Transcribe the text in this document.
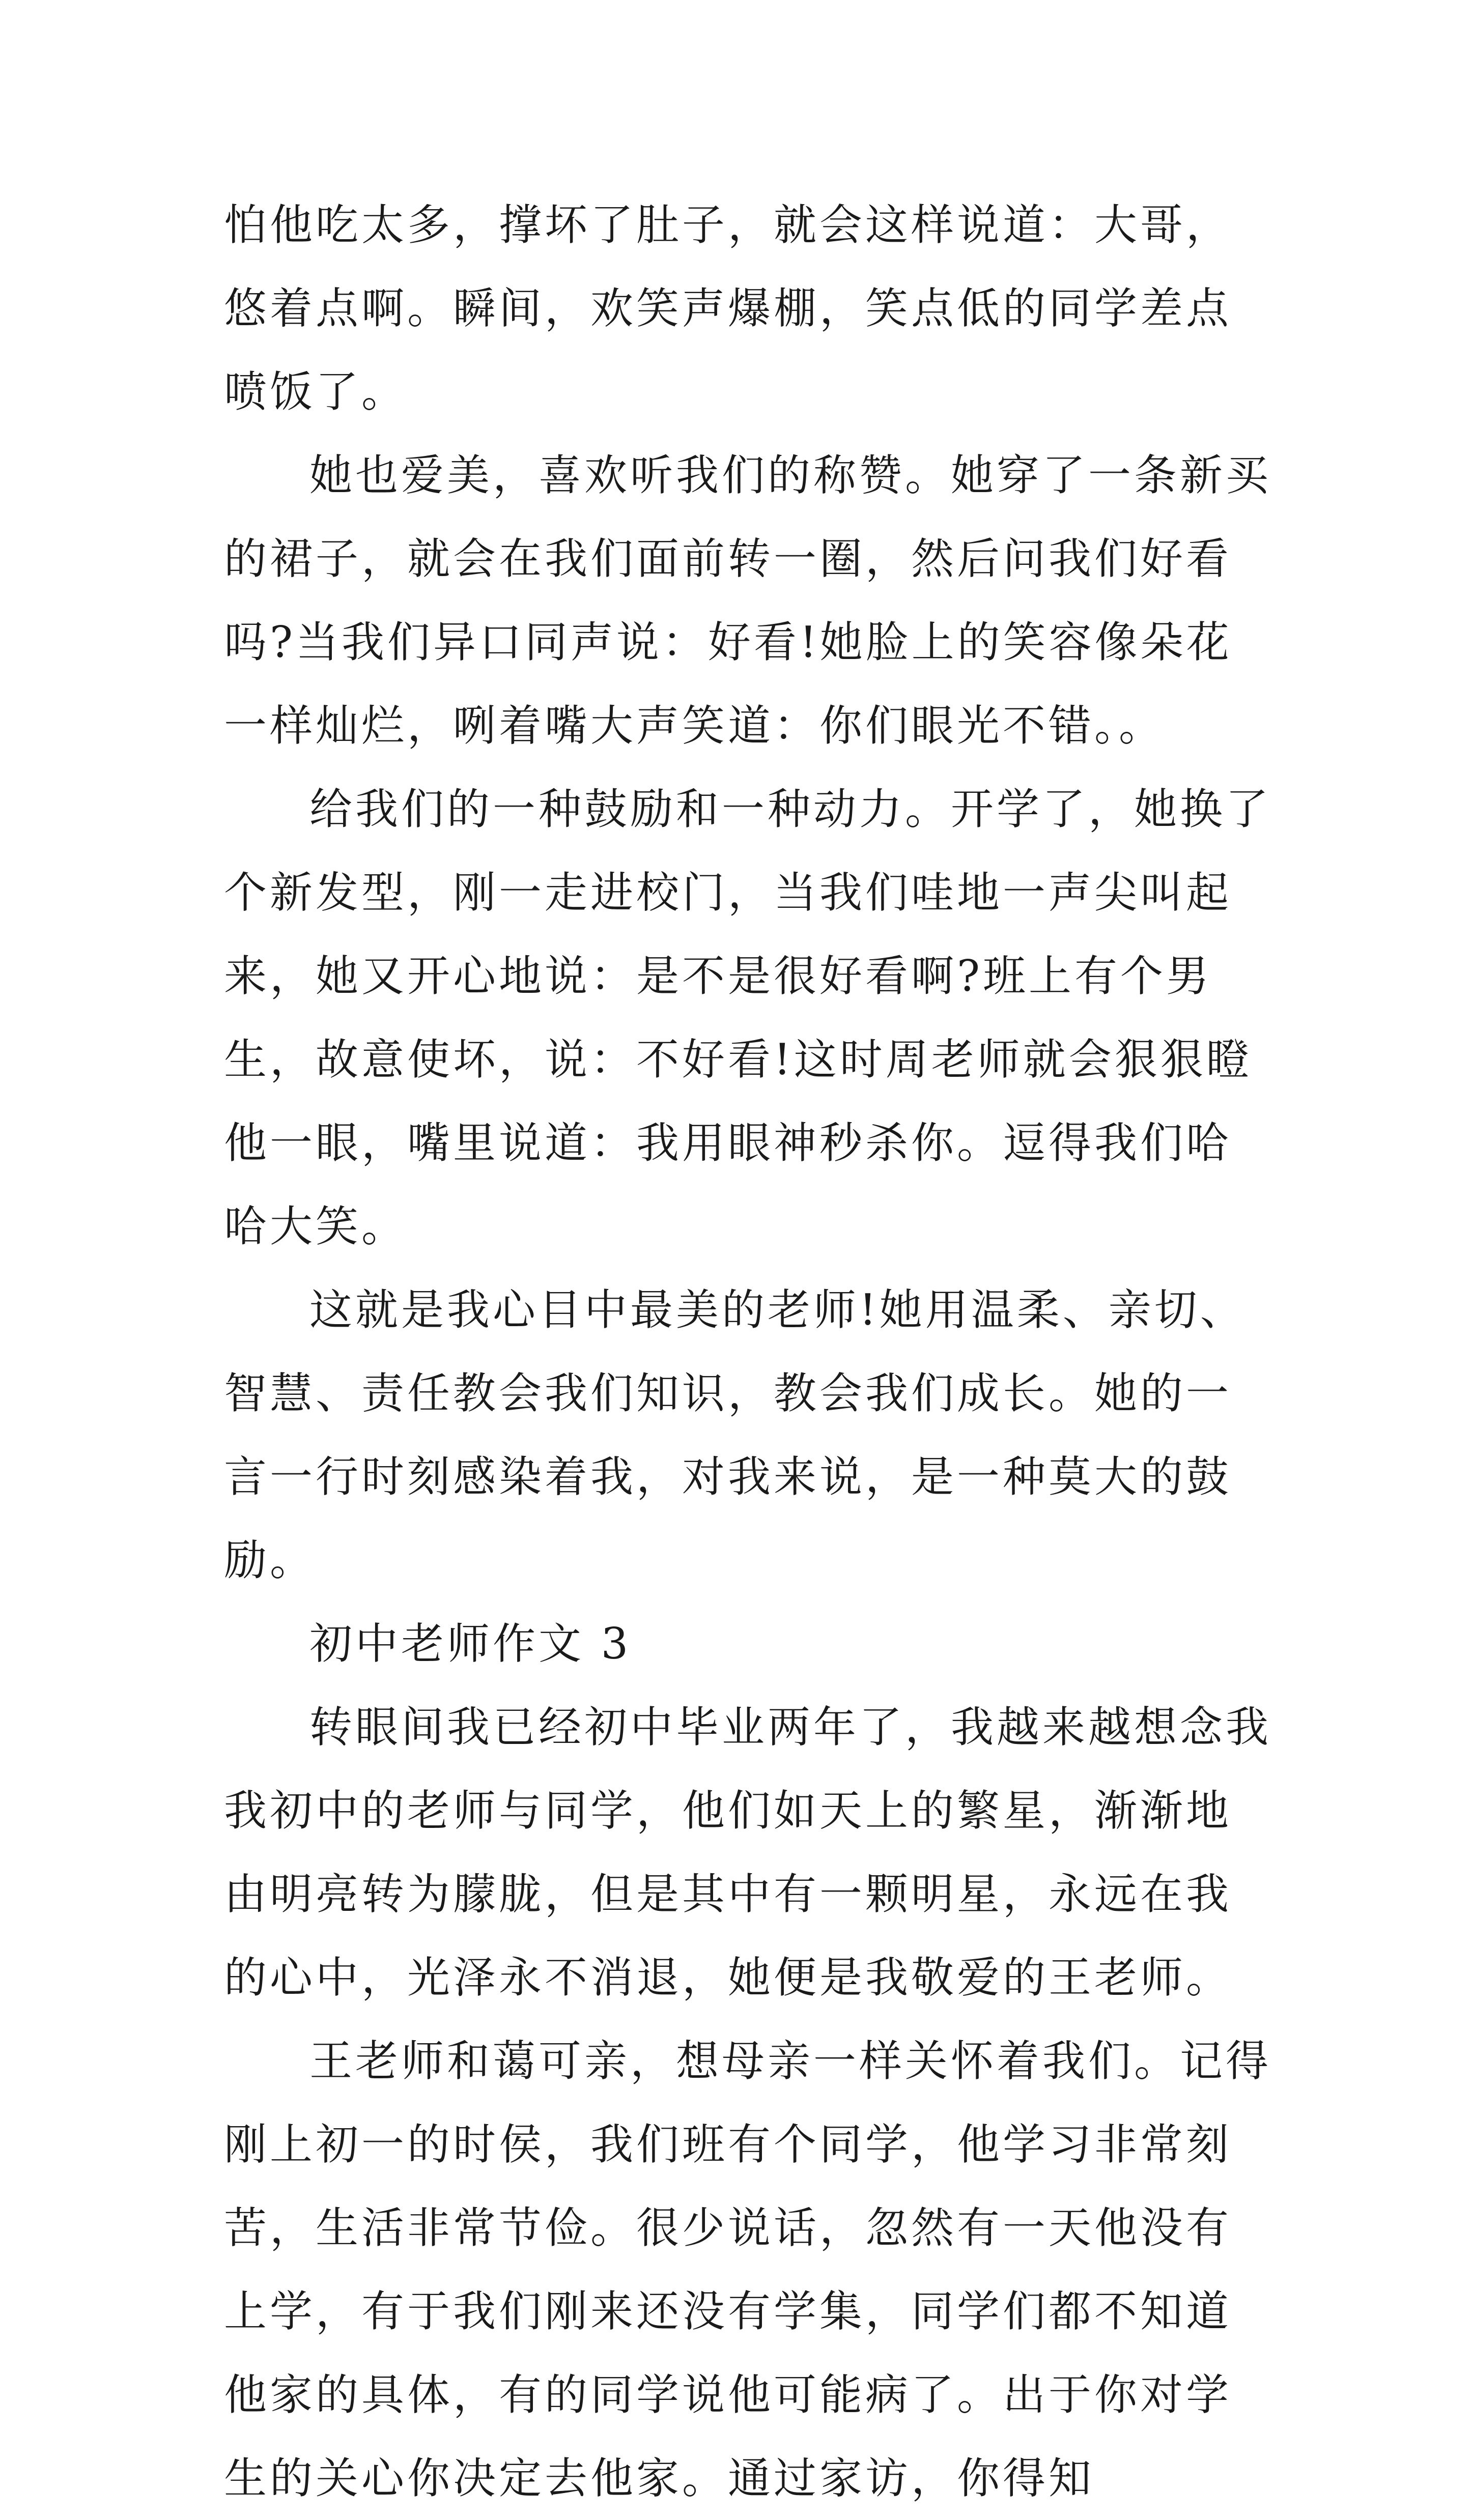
怕他吃太多，撑坏了肚子，就会这样说道：大哥，悠着点啊。瞬间，欢笑声爆棚，笑点低的同学差点喷饭了。

她也爱美，喜欢听我们的称赞。她穿了一条新买的裙子，就会在我们面前转一圈，然后问我们好看吗?当我们异口同声说：好看!她脸上的笑容像朵花一样灿烂，咧着嘴大声笑道：你们眼光不错。。

给我们的一种鼓励和一种动力。开学了，她换了个新发型，刚一走进校门，当我们哇地一声尖叫起来，她又开心地说：是不是很好看啊?班上有个男生，故意使坏，说：不好看!这时周老师就会狠狠瞪他一眼，嘴里说道：我用眼神秒杀你。逗得我们哈哈大笑。

这就是我心目中最美的老师!她用温柔、亲切、智慧、责任教会我们知识，教会我们成长。她的一言一行时刻感染着我，对我来说，是一种莫大的鼓励。

初中老师作文 3

转眼间我已经初中毕业两年了，我越来越想念我我初中的老师与同学，他们如天上的繁星，渐渐地由明亮转为朦胧，但是其中有一颗明星，永远在我的心中，光泽永不消退，她便是我敬爱的王老师。

王老师和蔼可亲，想母亲一样关怀着我们。记得刚上初一的时侯，我们班有个同学，他学习非常刻苦，生活非常节俭。很少说话，忽然有一天他没有上学，有于我们刚来还没有学集，同学们都不知道他家的具体，有的同学说他可能病了。出于你对学生的关心你决定去他家。通过家访，你得知
